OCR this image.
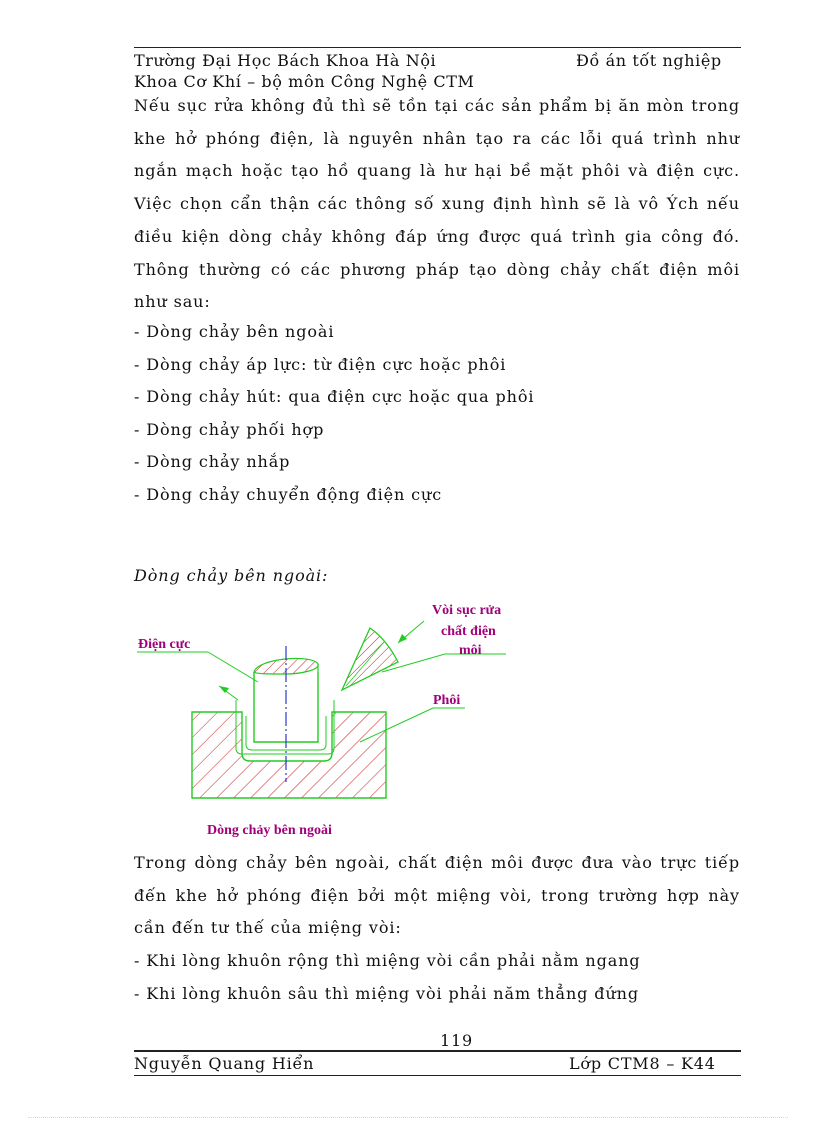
Trường Đại Học Bách Khoa Hà Nội	Đồ án tốt nghiệp
Khoa Cơ Khí – bộ môn Công Nghệ CTM
Nếu sục rửa không đủ thì sẽ tồn tại các sản phẩm bị ăn mòn trong khe hở phóng điện, là nguyên nhân tạo ra các lỗi quá trình như ngắn mạch hoặc tạo hồ quang là hư hại bề mặt phôi và điện cực. Việc chọn cẩn thận các thông số xung định hình sẽ là vô Ých nếu điều kiện dòng chảy không đáp ứng được quá trình gia công đó. Thông thường có các phương pháp tạo dòng chảy chất điện môi như sau:
- Dòng chảy bên ngoài
- Dòng chảy áp lực: từ điện cực hoặc phôi
- Dòng chảy hút: qua điện cực hoặc qua phôi
- Dòng chảy phối hợp
- Dòng chảy nhắp
- Dòng chảy chuyển động điện cực
Dòng chảy bên ngoài:
Điện cực
Vòi sục rửa
chất điện
môi
Phôi
Dòng chảy bên ngoài
Trong dòng chảy bên ngoài, chất điện môi được đưa vào trực tiếp đến khe hở phóng điện bởi một miệng vòi, trong trường hợp này cần đến tư thế của miệng vòi:
- Khi lòng khuôn rộng thì miệng vòi cần phải nằm ngang
- Khi lòng khuôn sâu thì miệng vòi phải năm thẳng đứng
119
Nguyễn Quang Hiển	Lớp CTM8 – K44
